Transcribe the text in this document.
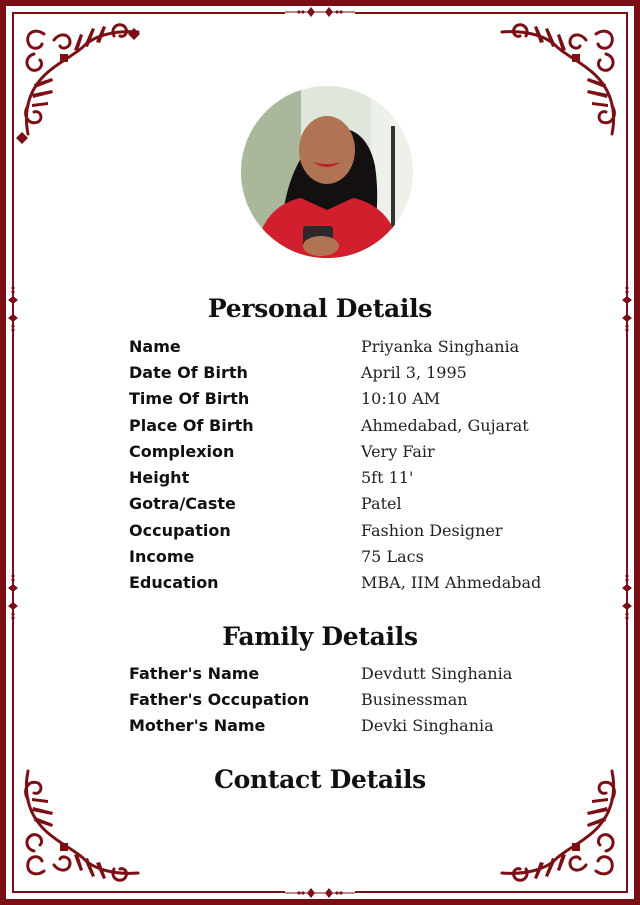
Personal Details
Name	Priyanka Singhania
Date Of Birth	April 3, 1995
Time Of Birth	10:10 AM
Place Of Birth	Ahmedabad, Gujarat
Complexion	Very Fair
Height	5ft 11'
Gotra/Caste	Patel
Occupation	Fashion Designer
Income	75 Lacs
Education	MBA, IIM Ahmedabad
Family Details
Father's Name	Devdutt Singhania
Father's Occupation	Businessman
Mother's Name	Devki Singhania
Contact Details
